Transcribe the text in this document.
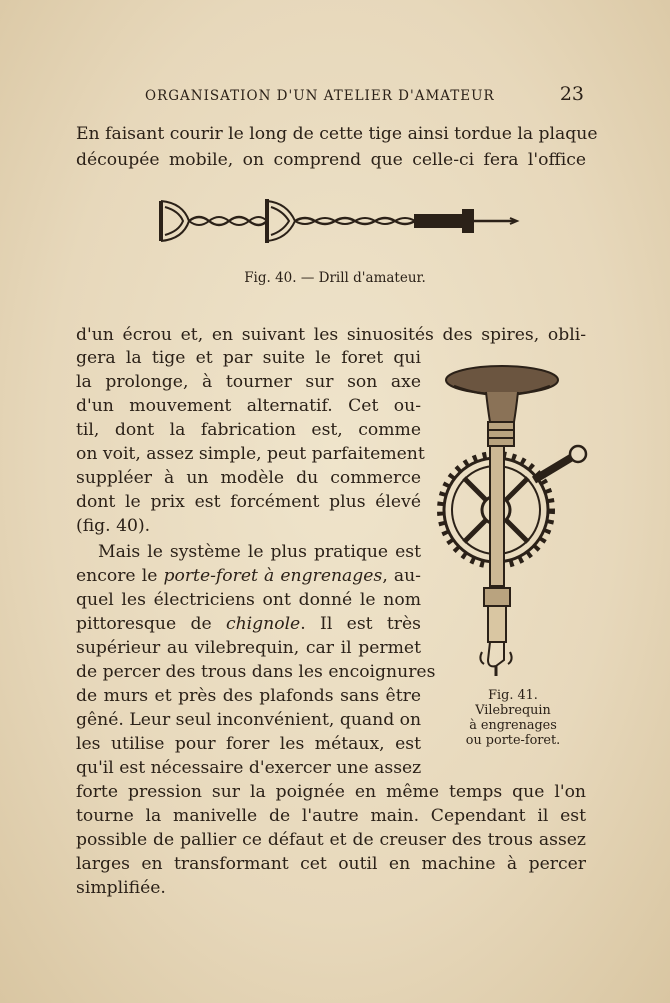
ORGANISATION D'UN ATELIER D'AMATEUR	23
En faisant courir le long de cette tige ainsi tordue la plaque
découpée mobile, on comprend que celle-ci fera l'office
Fig. 40. — Drill d'amateur.
d'un écrou et, en suivant les sinuosités des spires, obli-
gera la tige et par suite le foret qui
la prolonge, à tourner sur son axe
d'un mouvement alternatif. Cet ou-
til, dont la fabrication est, comme
on voit, assez simple, peut parfaitement
suppléer à un modèle du commerce
dont le prix est forcément plus élevé
(fig. 40).
Mais le système le plus pratique est
encore le porte-foret à engrenages, au-
quel les électriciens ont donné le nom
pittoresque de chignole. Il est très
supérieur au vilebrequin, car il permet
de percer des trous dans les encoignures
de murs et près des plafonds sans être
gêné. Leur seul inconvénient, quand on
les utilise pour forer les métaux, est
qu'il est nécessaire d'exercer une assez
forte pression sur la poignée en même temps que l'on
tourne la manivelle de l'autre main. Cependant il est
possible de pallier ce défaut et de creuser des trous assez
larges en transformant cet outil en machine à percer
simplifiée.
Fig. 41.
Vilebrequin
à engrenages
ou porte-foret.
